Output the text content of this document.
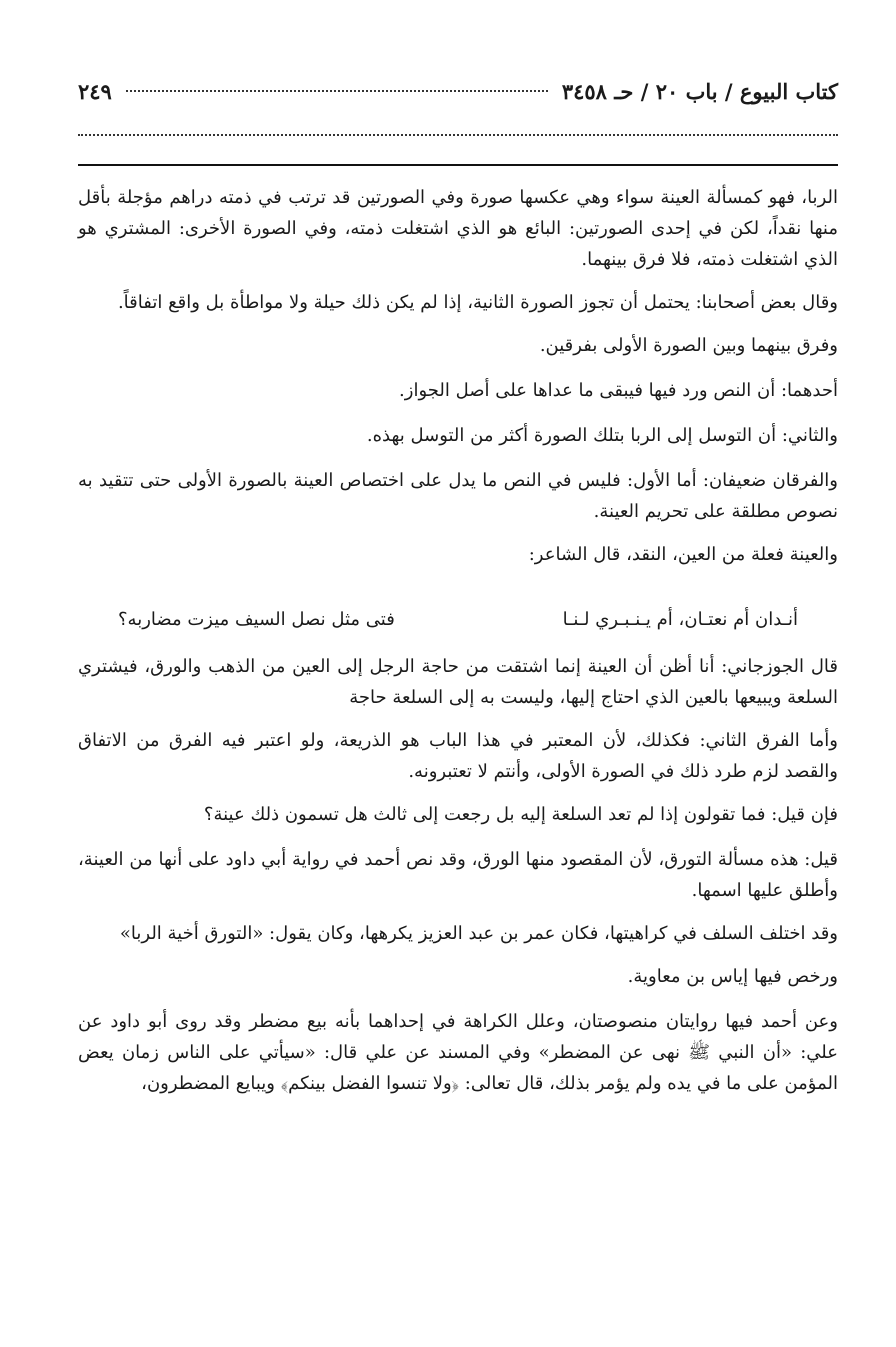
كتاب البيوع / باب ٢٠ / حـ ٣٤٥٨
٢٤٩

الربا، فهو كمسألة العينة سواء وهي عكسها صورة وفي الصورتين قد ترتب في ذمته دراهم مؤجلة بأقل منها نقداً، لكن في إحدى الصورتين: البائع هو الذي اشتغلت ذمته، وفي الصورة الأخرى: المشتري هو الذي اشتغلت ذمته، فلا فرق بينهما.

وقال بعض أصحابنا: يحتمل أن تجوز الصورة الثانية، إذا لم يكن ذلك حيلة ولا مواطأة بل واقع اتفاقاً.

وفرق بينهما وبين الصورة الأولى بفرقين.

أحدهما: أن النص ورد فيها فيبقى ما عداها على أصل الجواز.

والثاني: أن التوسل إلى الربا بتلك الصورة أكثر من التوسل بهذه.

والفرقان ضعيفان: أما الأول: فليس في النص ما يدل على اختصاص العينة بالصورة الأولى حتى تتقيد به نصوص مطلقة على تحريم العينة.

والعينة فعلة من العين، النقد، قال الشاعر:

أنـدان أم نعتـان، أم يـنـبـري لـنـا
فتى مثل نصل السيف ميزت مضاربه؟

قال الجوزجاني: أنا أظن أن العينة إنما اشتقت من حاجة الرجل إلى العين من الذهب والورق، فيشتري السلعة ويبيعها بالعين الذي احتاج إليها، وليست به إلى السلعة حاجة

وأما الفرق الثاني: فكذلك، لأن المعتبر في هذا الباب هو الذريعة، ولو اعتبر فيه الفرق من الاتفاق والقصد لزم طرد ذلك في الصورة الأولى، وأنتم لا تعتبرونه.

فإن قيل: فما تقولون إذا لم تعد السلعة إليه بل رجعت إلى ثالث هل تسمون ذلك عينة؟

قيل: هذه مسألة التورق، لأن المقصود منها الورق، وقد نص أحمد في رواية أبي داود على أنها من العينة، وأطلق عليها اسمها.

وقد اختلف السلف في كراهيتها، فكان عمر بن عبد العزيز يكرهها، وكان يقول: «التورق أخية الربا»

ورخص فيها إياس بن معاوية.

وعن أحمد فيها روايتان منصوصتان، وعلل الكراهة في إحداهما بأنه بيع مضطر وقد روى أبو داود عن علي: «أن النبي ﷺ نهى عن المضطر» وفي المسند عن علي قال: «سيأتي على الناس زمان يعض المؤمن على ما في يده ولم يؤمر بذلك، قال تعالى: ﴿ولا تنسوا الفضل بينكم﴾ ويبايع المضطرون،
